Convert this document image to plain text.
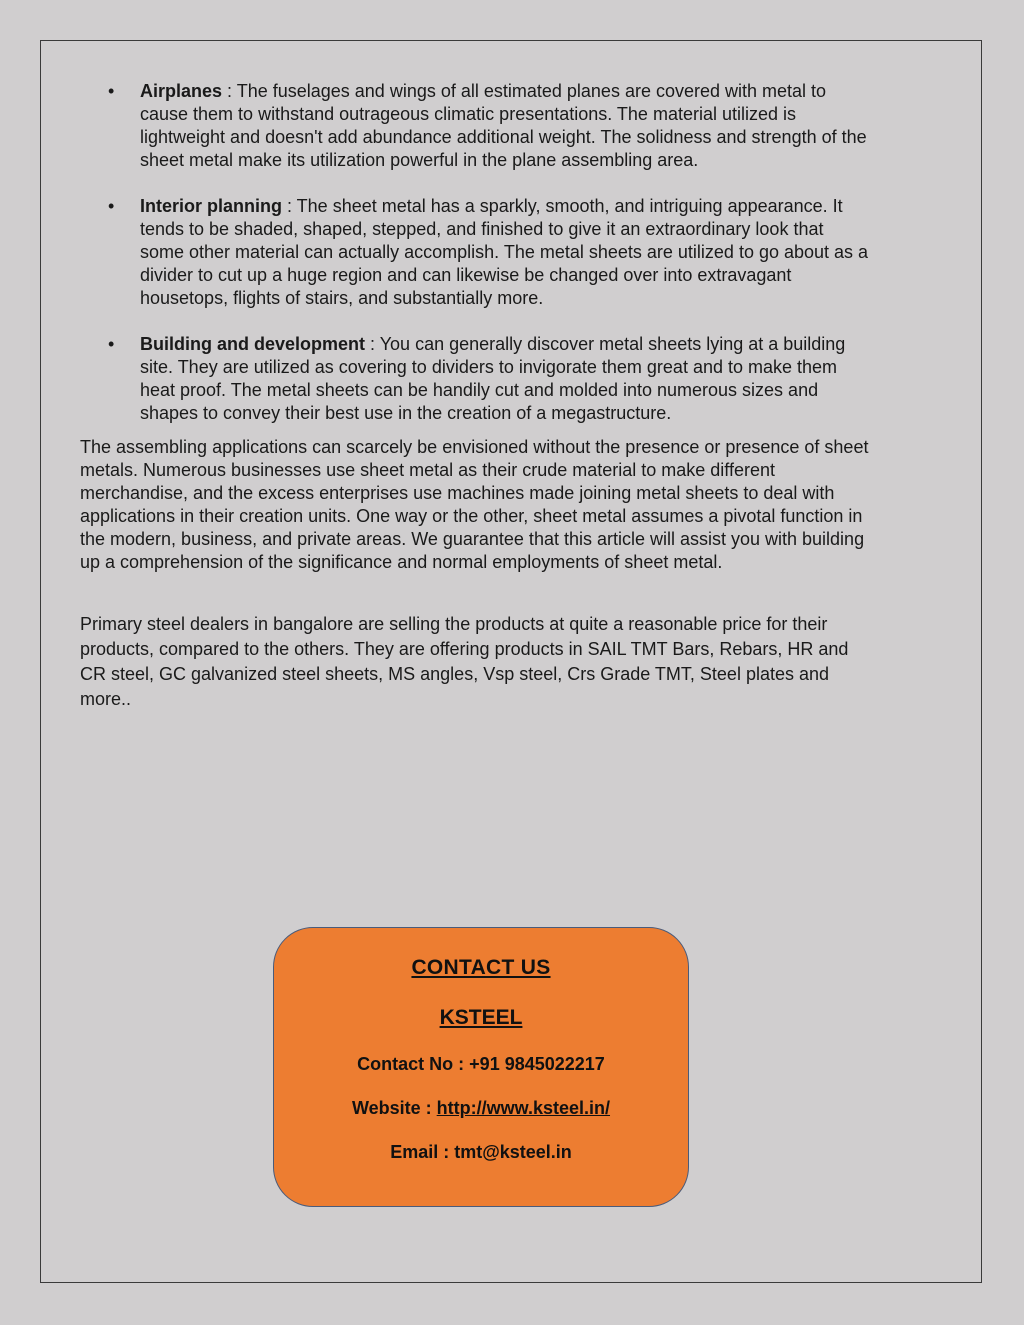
• Airplanes : The fuselages and wings of all estimated planes are covered with metal to cause them to withstand outrageous climatic presentations. The material utilized is lightweight and doesn't add abundance additional weight. The solidness and strength of the sheet metal make its utilization powerful in the plane assembling area.
• Interior planning : The sheet metal has a sparkly, smooth, and intriguing appearance. It tends to be shaded, shaped, stepped, and finished to give it an extraordinary look that some other material can actually accomplish. The metal sheets are utilized to go about as a divider to cut up a huge region and can likewise be changed over into extravagant housetops, flights of stairs, and substantially more.
• Building and development : You can generally discover metal sheets lying at a building site. They are utilized as covering to dividers to invigorate them great and to make them heat proof. The metal sheets can be handily cut and molded into numerous sizes and shapes to convey their best use in the creation of a megastructure.

The assembling applications can scarcely be envisioned without the presence or presence of sheet metals. Numerous businesses use sheet metal as their crude material to make different merchandise, and the excess enterprises use machines made joining metal sheets to deal with applications in their creation units. One way or the other, sheet metal assumes a pivotal function in the modern, business, and private areas. We guarantee that this article will assist you with building up a comprehension of the significance and normal employments of sheet metal.

Primary steel dealers in bangalore are selling the products at quite a reasonable price for their products, compared to the others. They are offering products in SAIL TMT Bars, Rebars, HR and CR steel, GC galvanized steel sheets, MS angles, Vsp steel, Crs Grade TMT, Steel plates and more..

CONTACT US
KSTEEL
Contact No : +91 9845022217
Website : http://www.ksteel.in/
Email : tmt@ksteel.in
